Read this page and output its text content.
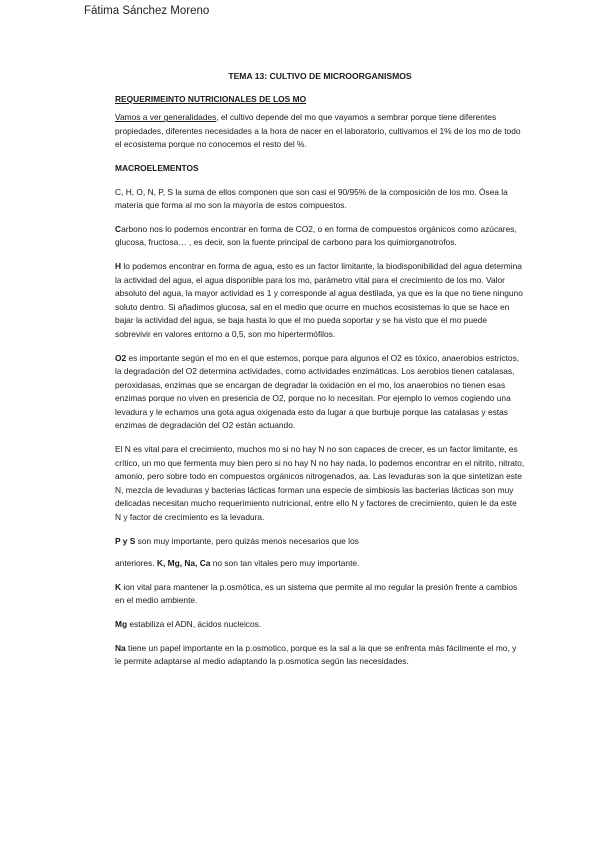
Fátima Sánchez Moreno
TEMA 13: CULTIVO DE MICROORGANISMOS
REQUERIMEINTO NUTRICIONALES DE LOS MO

Vamos a ver generalidades, el cultivo depende del mo que vayamos a sembrar porque tiene diferentes propiedades, diferentes necesidades a la hora de nacer en el laboratorio, cultivamos el 1% de los mo de todo el ecosistema porque no conocemos el resto del %.

MACROELEMENTOS

C, H, O, N, P, S la suma de ellos componen que son casi el 90/95% de la composición de los mo. Ósea la materia que forma al mo son la mayoría de estos compuestos.

Carbono nos lo podemos encontrar en forma de CO2, o en forma de compuestos orgánicos como azúcares, glucosa, fructosa… , es decir, son la fuente principal de carbono para los quimiorganotrofos.

H lo podemos encontrar en forma de agua, esto es un factor limitante, la biodisponibilidad del agua determina la actividad del agua, el agua disponible para los mo, parámetro vital para el crecimiento de los mo. Valor absoluto del agua, la mayor actividad es 1 y corresponde al agua destilada, ya que es la que no tiene ninguno soluto dentro. Si añadimos glucosa, sal en el medio que ocurre en muchos ecosistemas lo que se hace en bajar la actividad del agua, se baja hasta lo que el mo pueda soportar y se ha visto que el mo puede sobrevivir en valores entorno a 0,5, son mo hipertermófilos.

O2 es importante según el mo en el que estemos, porque para algunos el O2 es tóxico, anaerobios estrictos, la degradación del O2 determina actividades, como actividades enzimáticas. Los aerobios tienen catalasas, peroxidasas, enzimas que se encargan de degradar la oxidación en el mo, los anaerobios no tienen esas enzimas porque no viven en presencia de O2, porque no lo necesitan. Por ejemplo lo vemos cogiendo una levadura y le echamos una gota agua oxigenada esto da lugar a que burbuje porque las catalasas y estas enzimas de degradación del O2 están actuando.

El N es vital para el crecimiento, muchos mo si no hay N no son capaces de crecer, es un factor limitante, es crítico, un mo que fermenta muy bien pero si no hay N no hay nada, lo podemos encontrar en el nitrito, nitrato, amonio, pero sobre todo en compuestos orgánicos nitrogenados, aa. Las levaduras son la que sintetizan este N, mezcla de levaduras y bacterias lácticas forman una especie de simbiosis las bacterias lácticas son muy delicadas necesitan mucho requerimiento nutricional, entre ello N y factores de crecimiento, quien le da este N y factor de crecimiento es la levadura.

P y S son muy importante, pero quizás menos necesarios que los

anteriores. K, Mg, Na, Ca no son tan vitales pero muy importante.

K ion vital para mantener la p.osmótica, es un sistema que permite al mo regular la presión frente a cambios en el medio ambiente.

Mg estabiliza el ADN, ácidos nucleicos.

Na tiene un papel importante en la p.osmotico, porque es la sal a la que se enfrenta más fácilmente el mo, y le permite adaptarse al medio adaptando la p.osmotica según las necesidades.
